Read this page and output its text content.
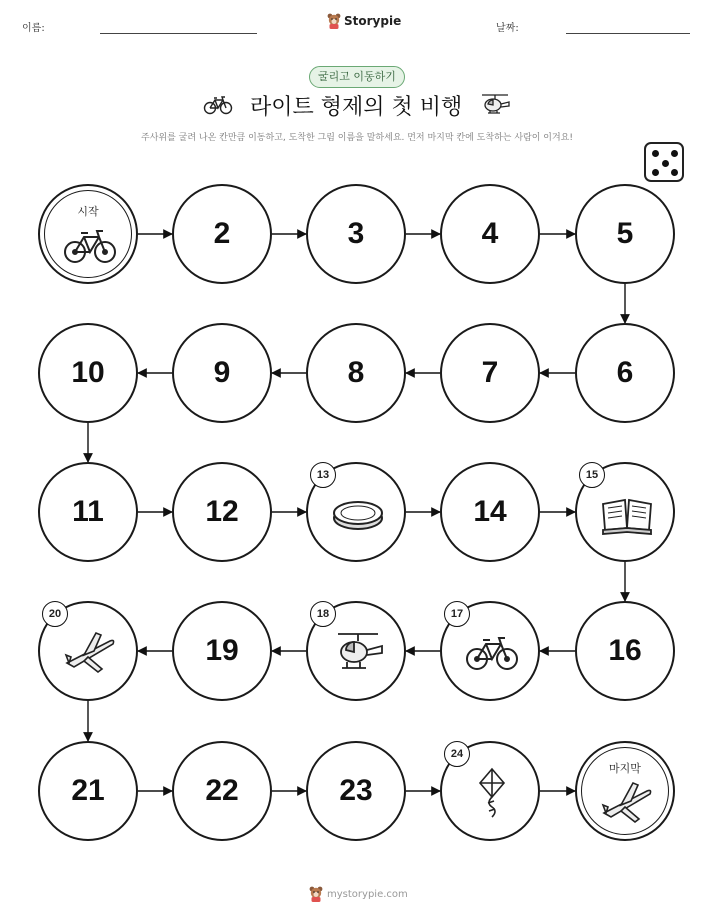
이름:
Storypie
날짜:
굴리고 이동하기
라이트 형제의 첫 비행
주사위를 굴려 나온 칸만큼 이동하고, 도착한 그림 이름을 말하세요. 먼저 마지막 칸에 도착하는 사람이 이겨요!
시작
2	3	4	5
6
7
8
9
10
11	12
13
14
15
16
17
18
19
20
21	22	23
24
마지막
mystorypie.com
